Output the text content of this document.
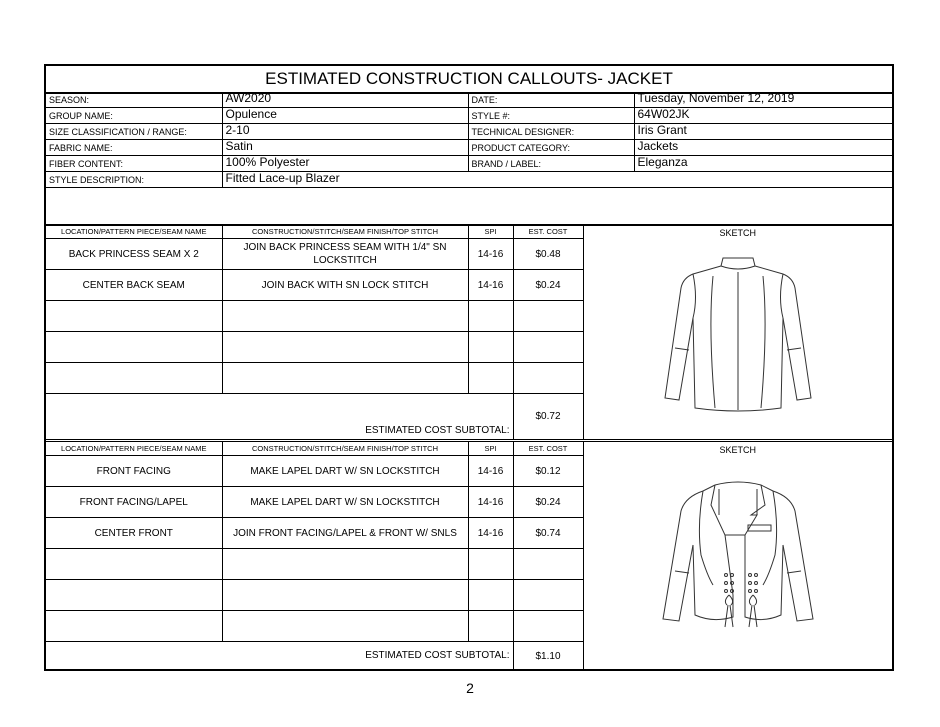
ESTIMATED CONSTRUCTION CALLOUTS- JACKET
SEASON:	AW2020	DATE:	Tuesday, November 12, 2019
GROUP NAME:	Opulence	STYLE #:	64W02JK
SIZE CLASSIFICATION / RANGE:	2-10	TECHNICAL DESIGNER:	Iris Grant
FABRIC NAME:	Satin	PRODUCT CATEGORY:	Jackets
FIBER CONTENT:	100% Polyester	BRAND / LABEL:	Eleganza
STYLE DESCRIPTION:	Fitted Lace-up Blazer		
LOCATION/PATTERN PIECE/SEAM NAME	CONSTRUCTION/STITCH/SEAM FINISH/TOP STITCH	SPI	EST. COST	SKETCH

BACK PRINCESS SEAM X 2	JOIN BACK PRINCESS SEAM WITH 1/4" SN LOCKSTITCH	14-16	$0.48	
CENTER BACK SEAM	JOIN BACK WITH SN LOCK STITCH	14-16	$0.24	

ESTIMATED COST SUBTOTAL:			$0.72	
LOCATION/PATTERN PIECE/SEAM NAME	CONSTRUCTION/STITCH/SEAM FINISH/TOP STITCH	SPI	EST. COST	SKETCH

FRONT FACING	MAKE LAPEL DART W/ SN LOCKSTITCH	14-16	$0.12	
FRONT FACING/LAPEL	MAKE LAPEL DART W/ SN LOCKSTITCH	14-16	$0.24	
CENTER FRONT	JOIN FRONT FACING/LAPEL & FRONT W/ SNLS	14-16	$0.74	

ESTIMATED COST SUBTOTAL:			$1.10	
2
